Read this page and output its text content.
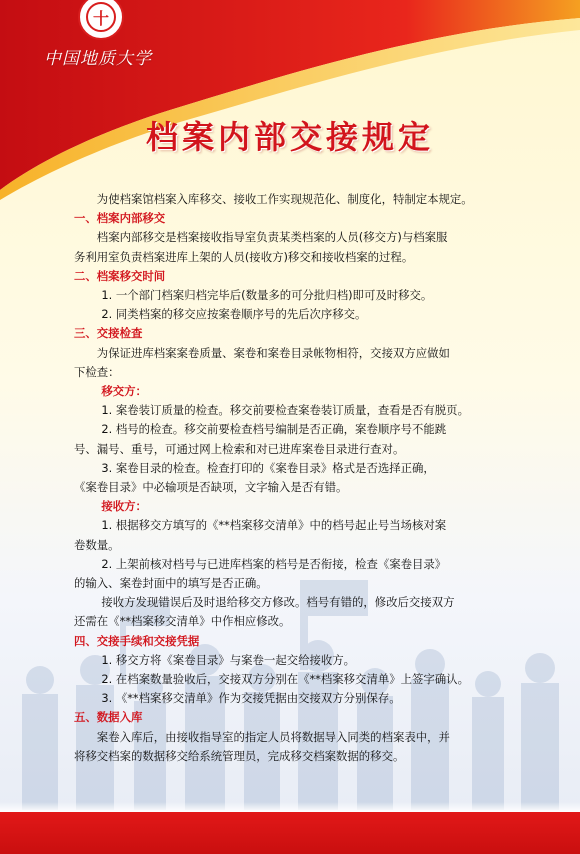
十
中国地质大学
档案内部交接规定

为使档案馆档案入库移交、接收工作实现规范化、制度化，特制定本规定。

一、档案内部移交

档案内部移交是档案接收指导室负责某类档案的人员(移交方)与档案服

务利用室负责档案进库上架的人员(接收方)移交和接收档案的过程。

二、档案移交时间

1. 一个部门档案归档完毕后(数量多的可分批归档)即可及时移交。

2. 同类档案的移交应按案卷顺序号的先后次序移交。

三、交接检查

为保证进库档案案卷质量、案卷和案卷目录帐物相符，交接双方应做如

下检查：

移交方：

1. 案卷装订质量的检查。移交前要检查案卷装订质量，查看是否有脱页。

2. 档号的检查。移交前要检查档号编制是否正确，案卷顺序号不能跳

号、漏号、重号，可通过网上检索和对已进库案卷目录进行查对。

3. 案卷目录的检查。检查打印的《案卷目录》格式是否选择正确，

《案卷目录》中必输项是否缺项，文字输入是否有错。

接收方：

1. 根据移交方填写的《**档案移交清单》中的档号起止号当场核对案

卷数量。

2. 上架前核对档号与已进库档案的档号是否衔接，检查《案卷目录》

的输入、案卷封面中的填写是否正确。

接收方发现错误后及时退给移交方修改。档号有错的，修改后交接双方

还需在《**档案移交清单》中作相应修改。

四、交接手续和交接凭据

1. 移交方将《案卷目录》与案卷一起交给接收方。

2. 在档案数量验收后，交接双方分别在《**档案移交清单》上签字确认。

3. 《**档案移交清单》作为交接凭据由交接双方分别保存。

五、数据入库

案卷入库后，由接收指导室的指定人员将数据导入同类的档案表中，并

将移交档案的数据移交给系统管理员，完成移交档案数据的移交。
